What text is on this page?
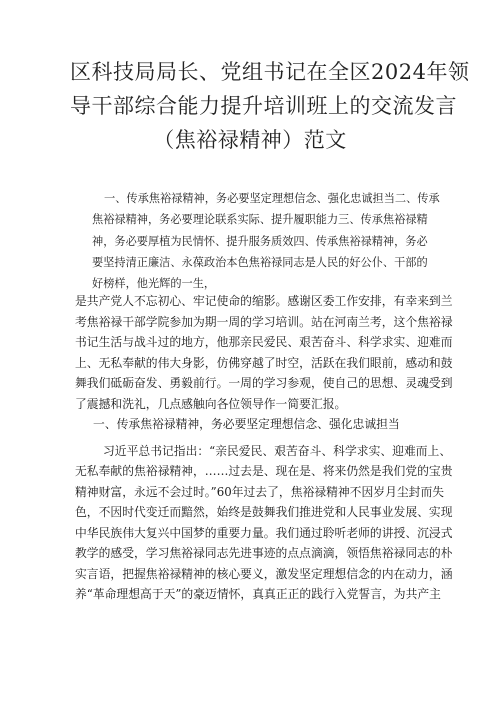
区科技局局长、党组书记在全区2024年领
导干部综合能力提升培训班上的交流发言
（焦裕禄精神）范文
一、传承焦裕禄精神，务必要坚定理想信念、强化忠诚担当二、传承
焦裕禄精神，务必要理论联系实际、提升履职能力三、传承焦裕禄精
神，务必要厚植为民情怀、提升服务质效四、传承焦裕禄精神，务必
要坚持清正廉洁、永葆政治本色焦裕禄同志是人民的好公仆、干部的
好榜样，他光辉的一生，
是共产党人不忘初心、牢记使命的缩影。感谢区委工作安排，有幸来到兰
考焦裕禄干部学院参加为期一周的学习培训。站在河南兰考，这个焦裕禄
书记生活与战斗过的地方，他那亲民爱民、艰苦奋斗、科学求实、迎难而
上、无私奉献的伟大身影，仿佛穿越了时空，活跃在我们眼前，感动和鼓
舞我们砥砺奋发、勇毅前行。一周的学习参观，使自己的思想、灵魂受到
了震撼和洗礼，几点感触向各位领导作一简要汇报。
一、传承焦裕禄精神，务必要坚定理想信念、强化忠诚担当
习近平总书记指出：“亲民爱民、艰苦奋斗、科学求实、迎难而上、
无私奉献的焦裕禄精神，……过去是、现在是、将来仍然是我们党的宝贵
精神财富，永远不会过时。”60年过去了，焦裕禄精神不因岁月尘封而失
色，不因时代变迁而黯然，始终是鼓舞我们推进党和人民事业发展、实现
中华民族伟大复兴中国梦的重要力量。我们通过聆听老师的讲授、沉浸式
教学的感受，学习焦裕禄同志先进事迹的点点滴滴，领悟焦裕禄同志的朴
实言语，把握焦裕禄精神的核心要义，激发坚定理想信念的内在动力，涵
养“革命理想高于天”的豪迈情怀，真真正正的践行入党誓言，为共产主
